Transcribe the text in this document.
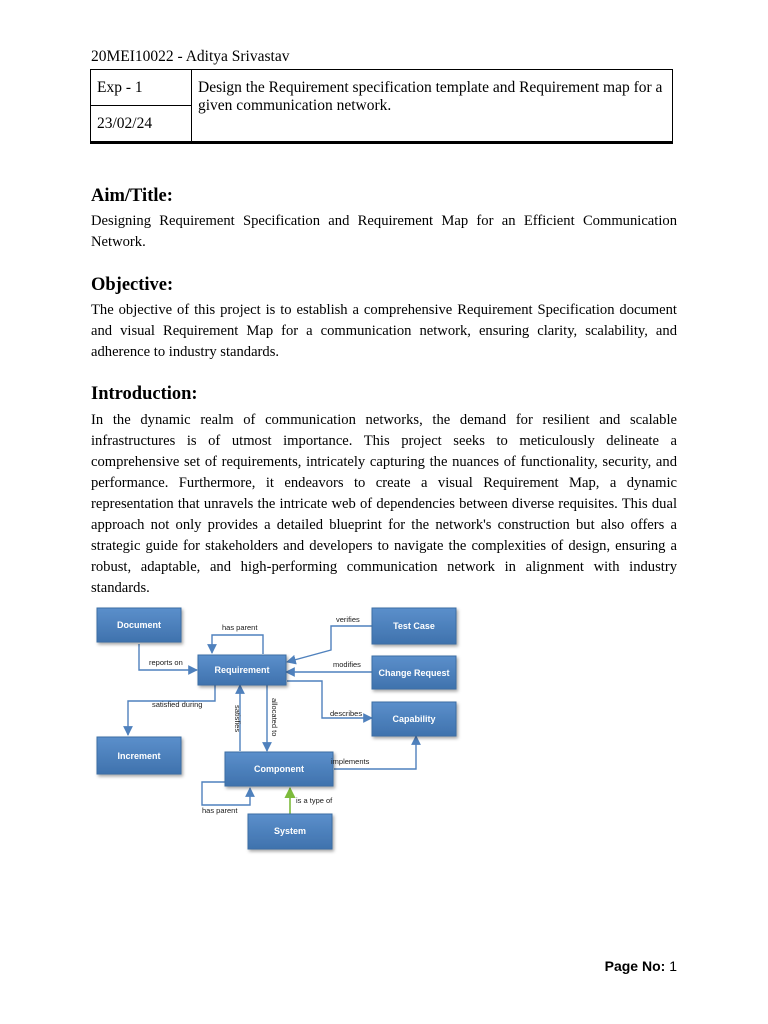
20MEI10022 - Aditya Srivastav
Exp - 1	Design the Requirement specification template and Requirement map for a given communication network.
23/02/24
Aim/Title:

Designing Requirement Specification and Requirement Map for an Efficient Communication Network.

Objective:

The objective of this project is to establish a comprehensive Requirement Specification document and visual Requirement Map for a communication network, ensuring clarity, scalability, and adherence to industry standards.

Introduction:

In the dynamic realm of communication networks, the demand for resilient and scalable infrastructures is of utmost importance. This project seeks to meticulously delineate a comprehensive set of requirements, intricately capturing the nuances of functionality, security, and performance. Furthermore, it endeavors to create a visual Requirement Map, a dynamic representation that unravels the intricate web of dependencies between diverse requisites. This dual approach not only provides a detailed blueprint for the network's construction but also offers a strategic guide for stakeholders and developers to navigate the complexities of design, ensuring a robust, adaptable, and high-performing communication network in alignment with industry standards.

Document
Requirement
Test Case
Change Request
Capability
Increment
Component
System
has parent
verifies
reports on	modifies
satisfied during
describes
implements
has parent
is a type of
satisfies	allocated to
Page No: 1
